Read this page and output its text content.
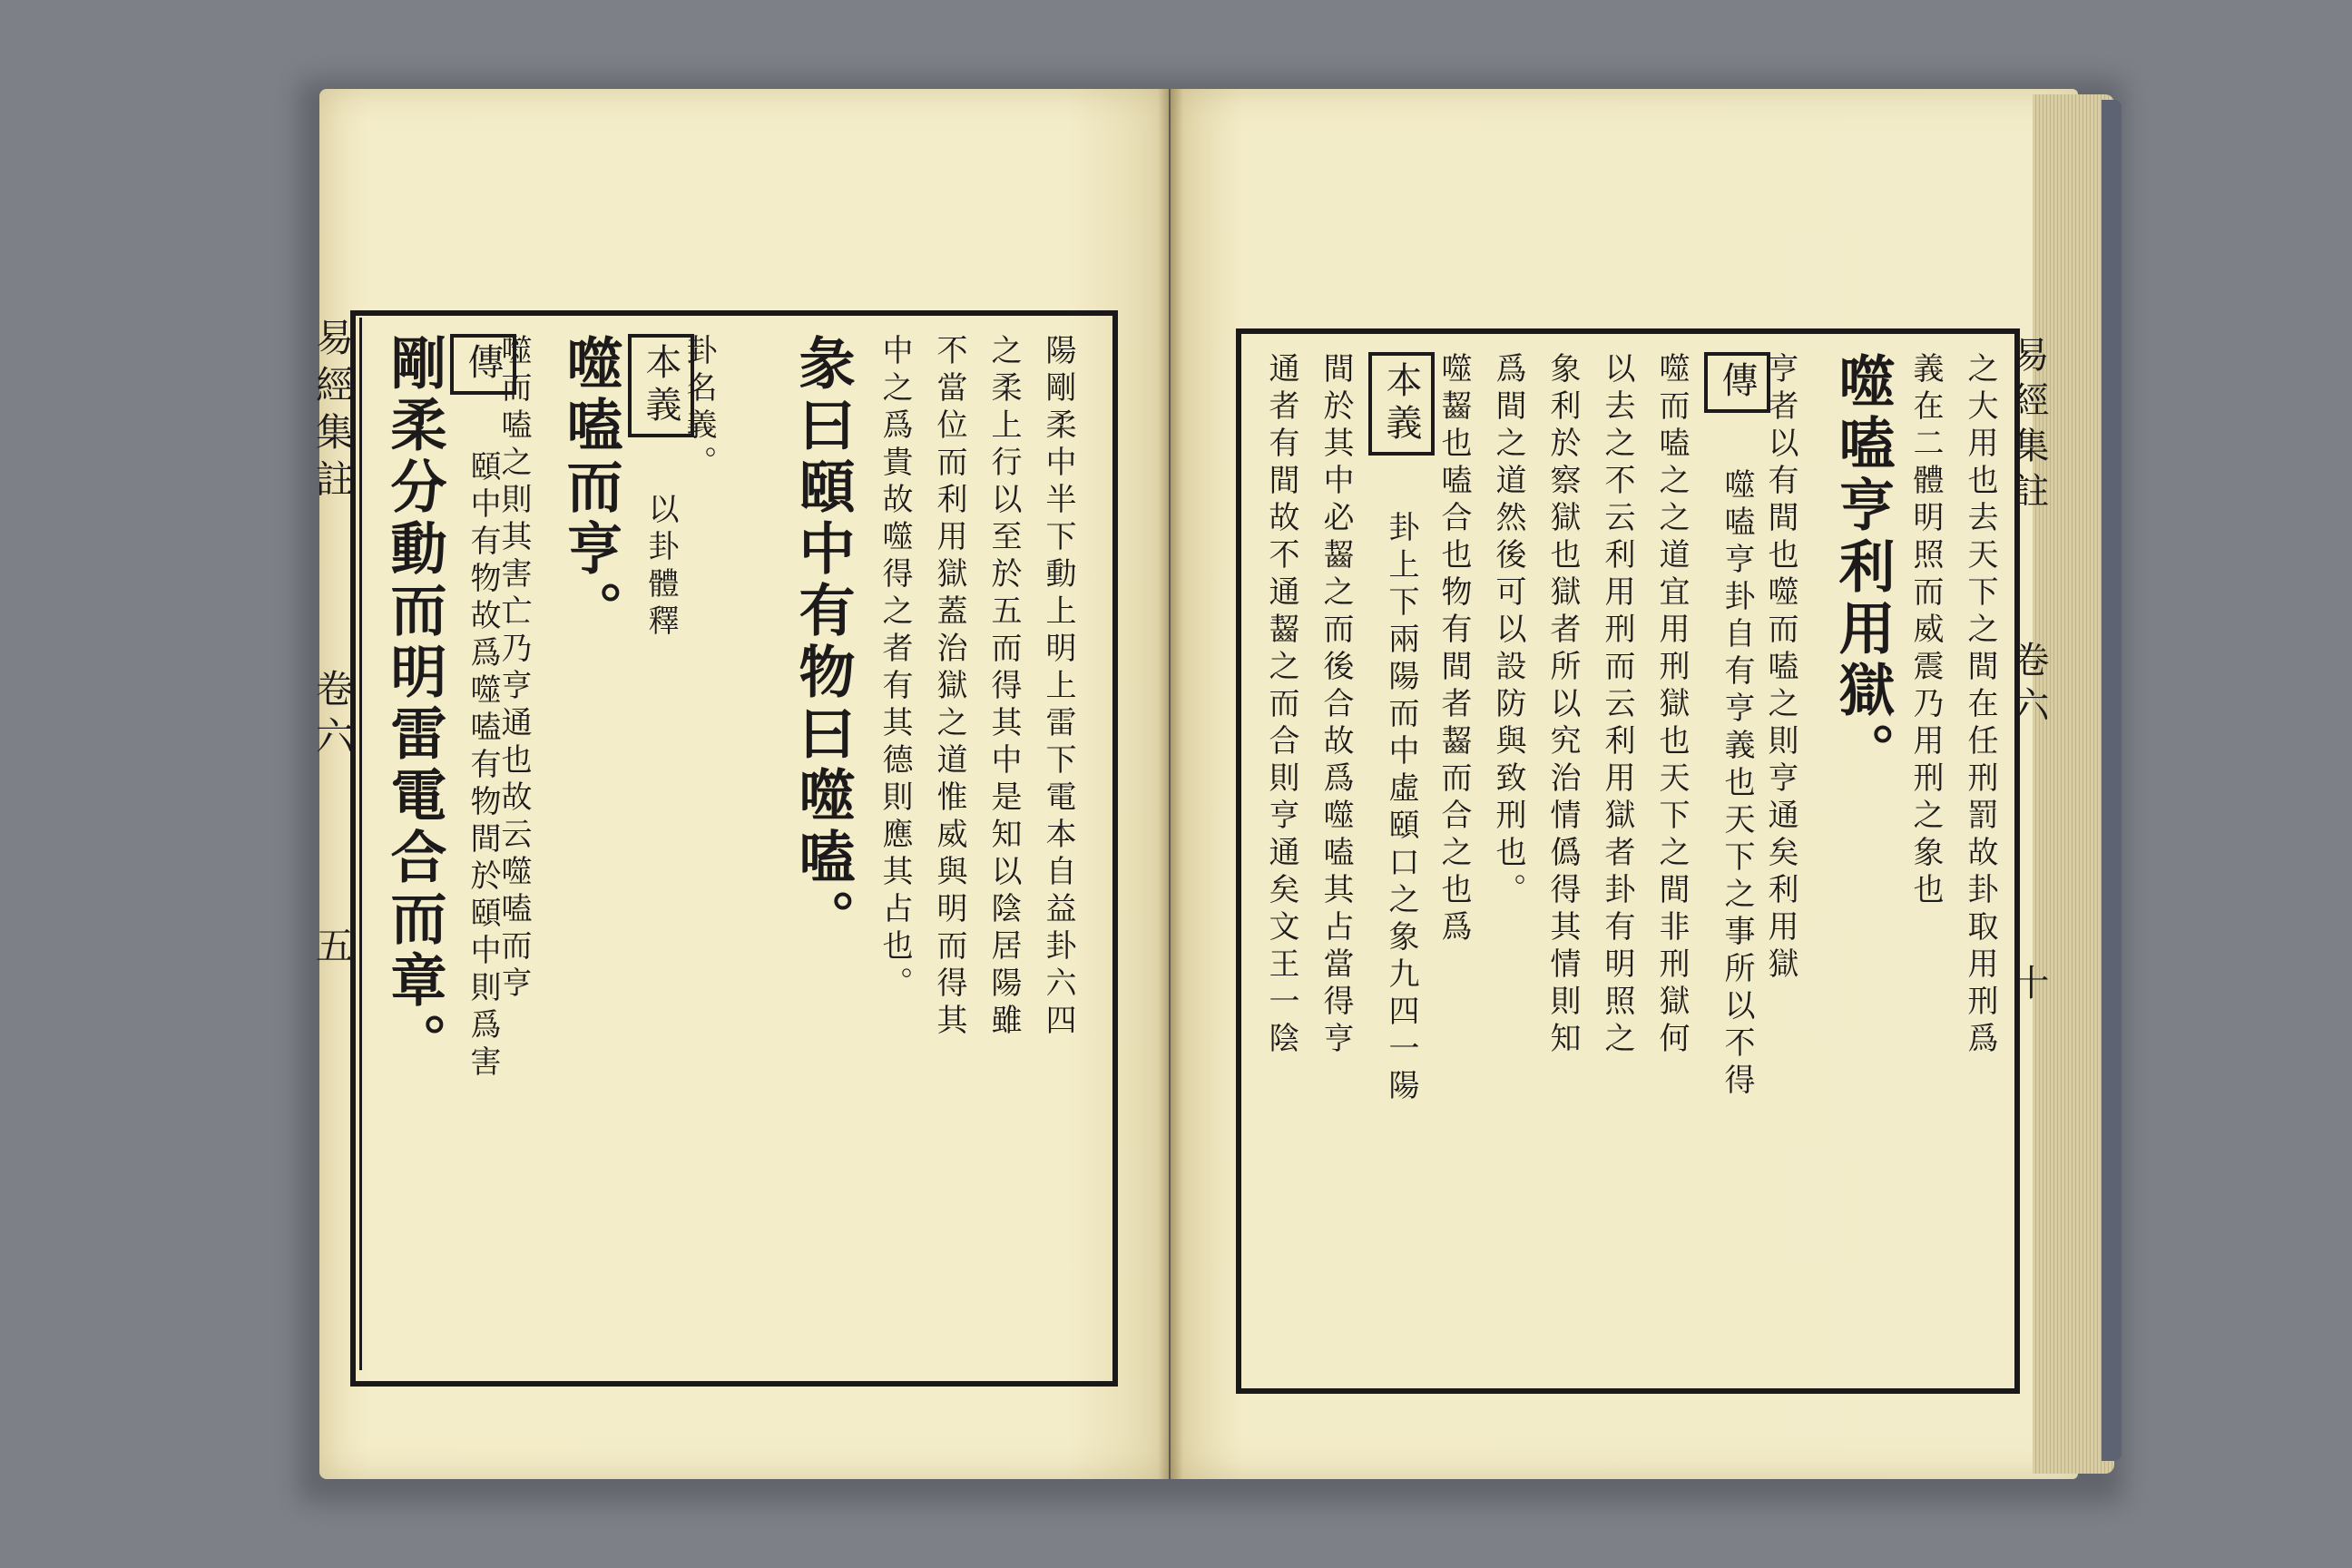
易經集註 卷六 五 剛柔分動而明雷電合而章。 傳 頤中有物故爲噬嗑有物間於頤中則爲害
噬而嗑之則其害亡乃亨通也故云噬嗑而亨 噬嗑而亨。 本義 以卦體釋
卦名義。 彖曰頤中有物曰噬嗑。 中之爲貴故噬得之者有其德則應其占也。 不當位而利用獄蓋治獄之道惟威與明而得其 之柔上行以至於五而得其中是知以陰居陽雖 陽剛柔中半下動上明上雷下電本自益卦六四	通者有間故不通齧之而合則亨通矣文王一陰 間於其中必齧之而後合故爲噬嗑其占當得亨 本義 卦上下兩陽而中虛頤口之象九四一陽 噬齧也嗑合也物有間者齧而合之也爲 爲間之道然後可以設防與致刑也。 象利於察獄也獄者所以究治情僞得其情則知 以去之不云利用刑而云利用獄者卦有明照之 噬而嗑之之道宜用刑獄也天下之間非刑獄何 傳 噬嗑亨卦自有亨義也天下之事所以不得 亨者以有間也噬而嗑之則亨通矣利用獄 噬嗑亨利用獄。 義在二體明照而威震乃用刑之象也 之大用也去天下之間在任刑罰故卦取用刑爲 易經集註 卷六 十
